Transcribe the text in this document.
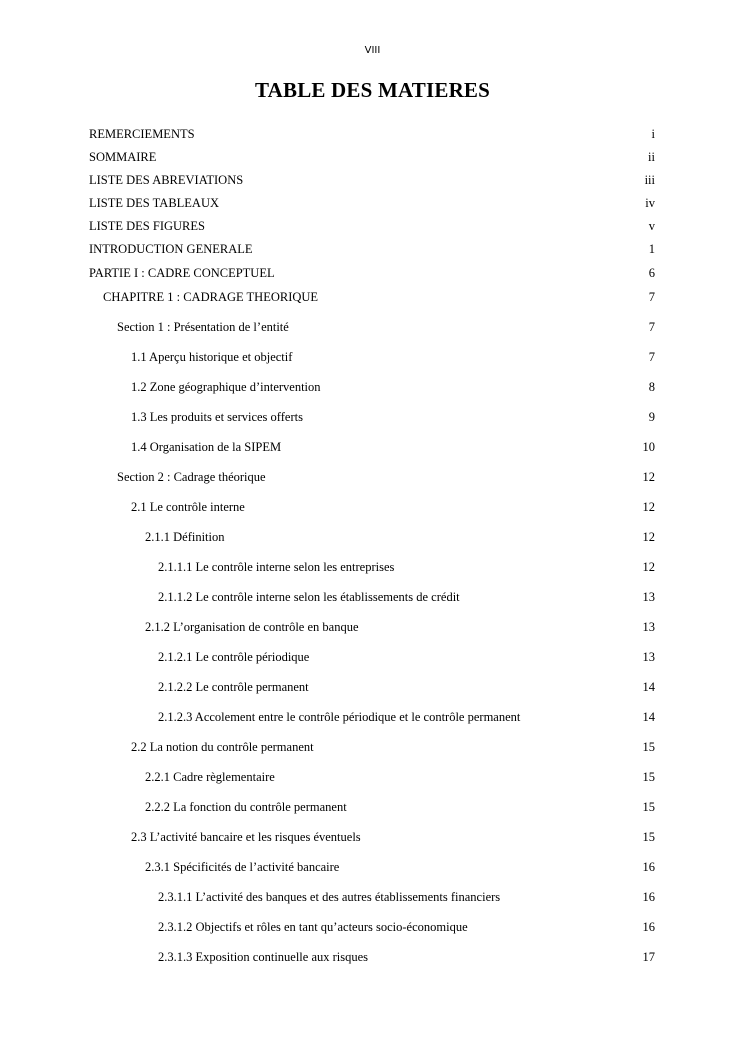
VIII
TABLE DES MATIERES
REMERCIEMENTS	i
SOMMAIRE	ii
LISTE DES ABREVIATIONS	iii
LISTE DES TABLEAUX	iv
LISTE DES FIGURES	v
INTRODUCTION GENERALE	1
PARTIE I : CADRE CONCEPTUEL	6
CHAPITRE 1 : CADRAGE THEORIQUE	7
Section 1 : Présentation de l’entité	7
1.1 Aperçu historique et objectif	7
1.2 Zone géographique d’intervention	8
1.3 Les produits et services offerts	9
1.4 Organisation de la SIPEM	10
Section 2 : Cadrage théorique	12
2.1 Le contrôle interne	12
2.1.1 Définition	12
2.1.1.1 Le contrôle interne selon les entreprises	12
2.1.1.2 Le contrôle interne selon les établissements de crédit	13
2.1.2 L’organisation de contrôle en banque	13
2.1.2.1 Le contrôle périodique	13
2.1.2.2 Le contrôle permanent	14
2.1.2.3 Accolement entre le contrôle périodique et le contrôle permanent	14
2.2 La notion du contrôle permanent	15
2.2.1 Cadre règlementaire	15
2.2.2 La fonction du contrôle permanent	15
2.3 L’activité bancaire et les risques éventuels	15
2.3.1 Spécificités de l’activité bancaire	16
2.3.1.1 L’activité des banques et des autres établissements financiers	16
2.3.1.2 Objectifs et rôles en tant qu’acteurs socio-économique	16
2.3.1.3 Exposition continuelle aux risques	17
